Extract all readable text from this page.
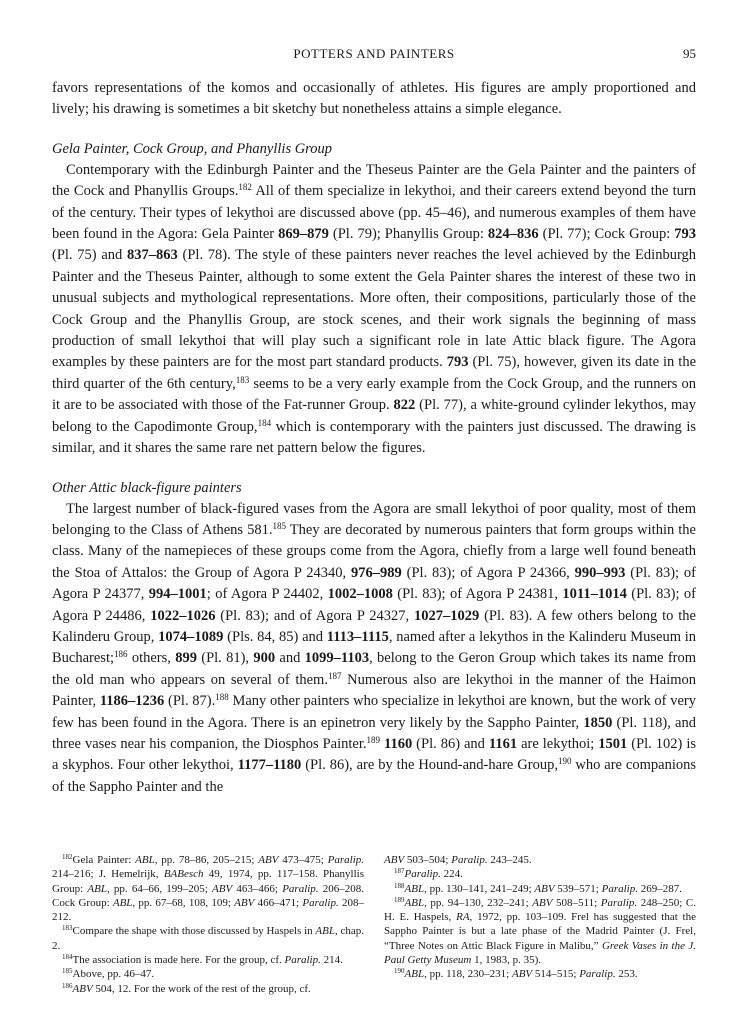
POTTERS AND PAINTERS	95

favors representations of the komos and occasionally of athletes. His figures are amply proportioned and lively; his drawing is sometimes a bit sketchy but nonetheless attains a simple elegance.

Gela Painter, Cock Group, and Phanyllis Group

Contemporary with the Edinburgh Painter and the Theseus Painter are the Gela Painter and the painters of the Cock and Phanyllis Groups.$^{182}$ All of them specialize in lekythoi, and their careers extend beyond the turn of the century. Their types of lekythoi are discussed above (pp. 45–46), and numerous examples of them have been found in the Agora: Gela Painter 869–879 (Pl. 79); Phanyllis Group: 824–836 (Pl. 77); Cock Group: 793 (Pl. 75) and 837–863 (Pl. 78). The style of these painters never reaches the level achieved by the Edinburgh Painter and the Theseus Painter, although to some extent the Gela Painter shares the interest of these two in unusual subjects and mythological representations. More often, their compositions, particularly those of the Cock Group and the Phanyllis Group, are stock scenes, and their work signals the beginning of mass production of small lekythoi that will play such a significant role in late Attic black figure. The Agora examples by these painters are for the most part standard products. 793 (Pl. 75), however, given its date in the third quarter of the 6th century,$^{183}$ seems to be a very early example from the Cock Group, and the runners on it are to be associated with those of the Fat-runner Group. 822 (Pl. 77), a white-ground cylinder lekythos, may belong to the Capodimonte Group,$^{184}$ which is contemporary with the painters just discussed. The drawing is similar, and it shares the same rare net pattern below the figures.

Other Attic black-figure painters

The largest number of black-figured vases from the Agora are small lekythoi of poor quality, most of them belonging to the Class of Athens 581.$^{185}$ They are decorated by numerous painters that form groups within the class. Many of the namepieces of these groups come from the Agora, chiefly from a large well found beneath the Stoa of Attalos: the Group of Agora P 24340, 976–989 (Pl. 83); of Agora P 24366, 990–993 (Pl. 83); of Agora P 24377, 994–1001; of Agora P 24402, 1002–1008 (Pl. 83); of Agora P 24381, 1011–1014 (Pl. 83); of Agora P 24486, 1022–1026 (Pl. 83); and of Agora P 24327, 1027–1029 (Pl. 83). A few others belong to the Kalinderu Group, 1074–1089 (Pls. 84, 85) and 1113–1115, named after a lekythos in the Kalinderu Museum in Bucharest;$^{186}$ others, 899 (Pl. 81), 900 and 1099–1103, belong to the Geron Group which takes its name from the old man who appears on several of them.$^{187}$ Numerous also are lekythoi in the manner of the Haimon Painter, 1186–1236 (Pl. 87).$^{188}$ Many other painters who specialize in lekythoi are known, but the work of very few has been found in the Agora. There is an epinetron very likely by the Sappho Painter, 1850 (Pl. 118), and three vases near his companion, the Diosphos Painter.$^{189}$ 1160 (Pl. 86) and 1161 are lekythoi; 1501 (Pl. 102) is a skyphos. Four other lekythoi, 1177–1180 (Pl. 86), are by the Hound-and-hare Group,$^{190}$ who are companions of the Sappho Painter and the

$^{182}$Gela Painter: ABL, pp. 78–86, 205–215; ABV 473–475; Paralip. 214–216; J. Hemelrijk, BABesch 49, 1974, pp. 117–158. Phanyllis Group: ABL, pp. 64–66, 199–205; ABV 463–466; Paralip. 206–208. Cock Group: ABL, pp. 67–68, 108, 109; ABV 466–471; Paralip. 208–212.

$^{183}$Compare the shape with those discussed by Haspels in ABL, chap. 2.

$^{184}$The association is made here. For the group, cf. Paralip. 214.

$^{185}$Above, pp. 46–47.

$^{186}$ABV 504, 12. For the work of the rest of the group, cf.

ABV 503–504; Paralip. 243–245.

$^{187}$Paralip. 224.

$^{188}$ABL, pp. 130–141, 241–249; ABV 539–571; Paralip. 269–287.

$^{189}$ABL, pp. 94–130, 232–241; ABV 508–511; Paralip. 248–250; C. H. E. Haspels, RA, 1972, pp. 103–109. Frel has suggested that the Sappho Painter is but a late phase of the Madrid Painter (J. Frel, “Three Notes on Attic Black Figure in Malibu,” Greek Vases in the J. Paul Getty Museum 1, 1983, p. 35).

$^{190}$ABL, pp. 118, 230–231; ABV 514–515; Paralip. 253.
